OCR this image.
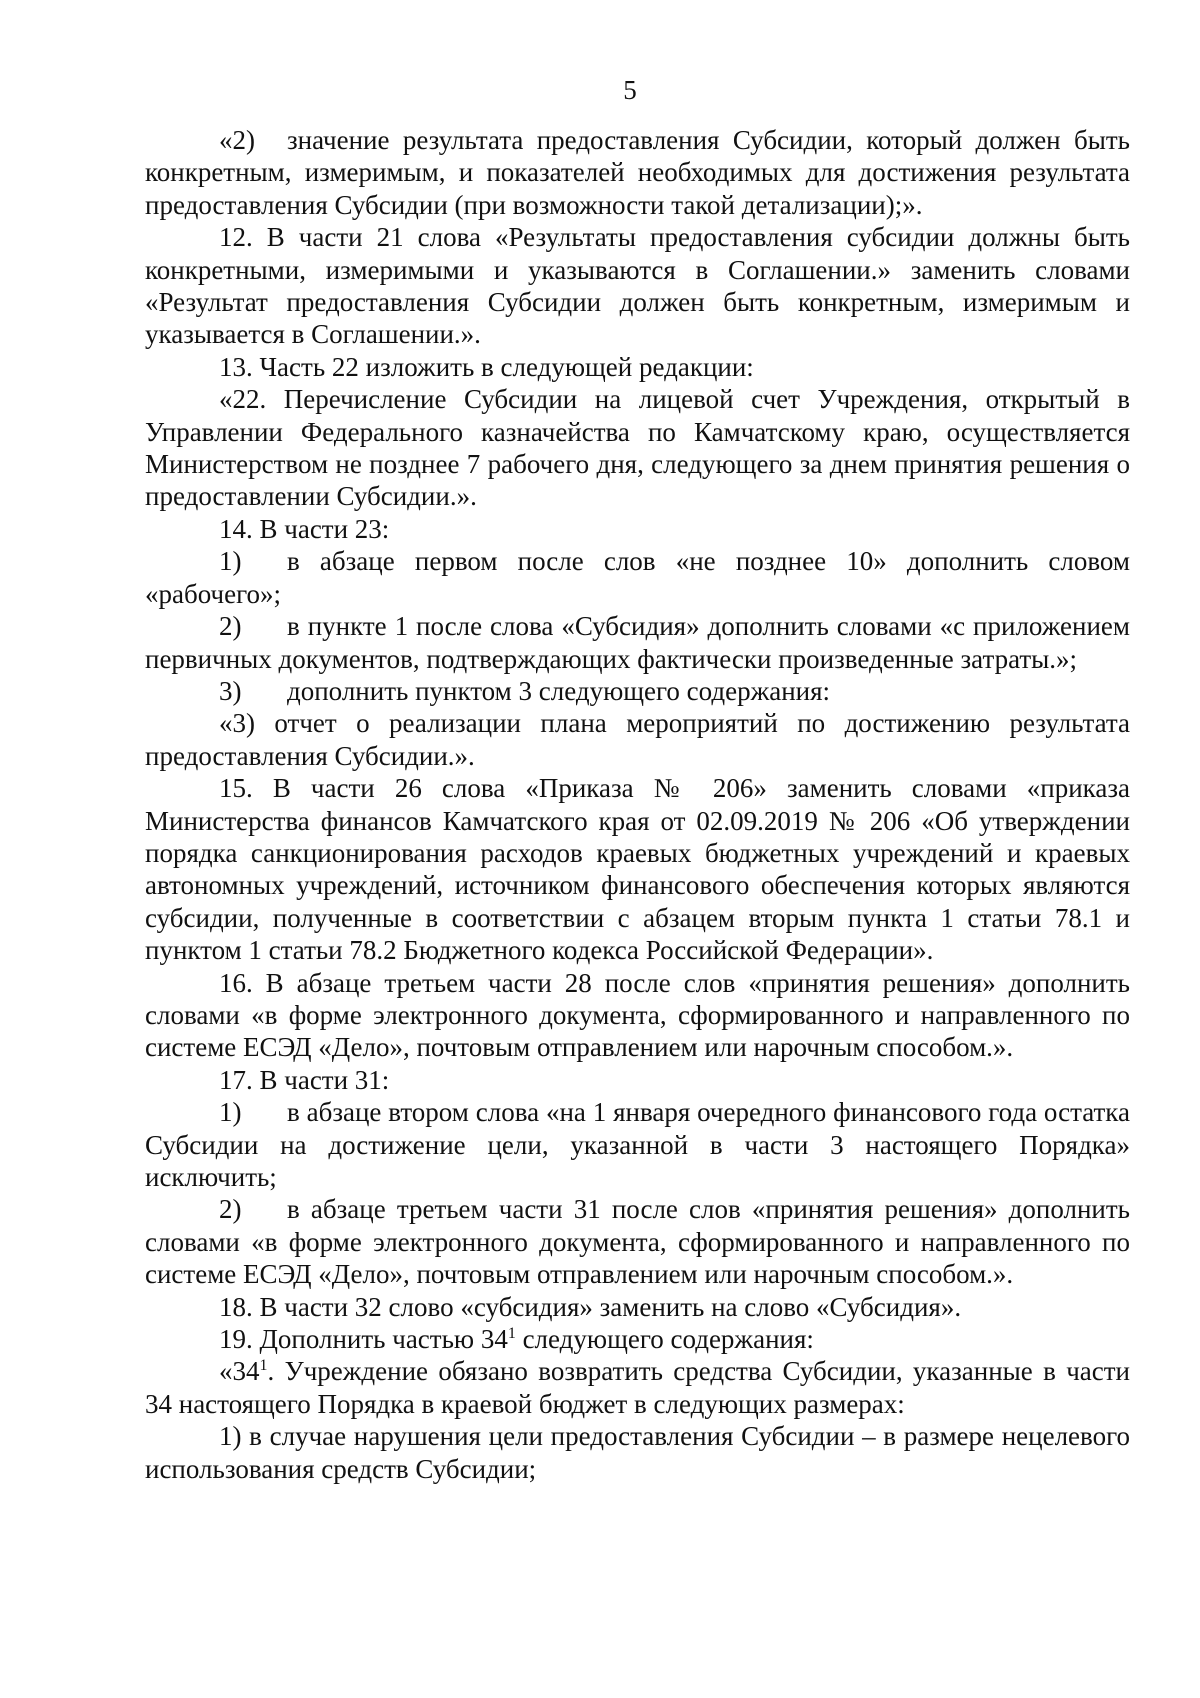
5

«2) значение результата предоставления Субсидии, который должен быть конкретным, измеримым, и показателей необходимых для достижения результата предоставления Субсидии (при возможности такой детализации);».

12. В части 21 слова «Результаты предоставления субсидии должны быть конкретными, измеримыми и указываются в Соглашении.» заменить словами «Результат предоставления Субсидии должен быть конкретным, измеримым и указывается в Соглашении.».

13. Часть 22 изложить в следующей редакции:

«22. Перечисление Субсидии на лицевой счет Учреждения, открытый в Управлении Федерального казначейства по Камчатскому краю, осуществляется Министерством не позднее 7 рабочего дня, следующего за днем принятия решения о предоставлении Субсидии.».

14. В части 23:

1) в абзаце первом после слов «не позднее 10» дополнить словом «рабочего»;

2) в пункте 1 после слова «Субсидия» дополнить словами «с приложением первичных документов, подтверждающих фактически произведенные затраты.»;

3) дополнить пунктом 3 следующего содержания:

«3) отчет о реализации плана мероприятий по достижению результата предоставления Субсидии.».

15. В части 26 слова «Приказа № 206» заменить словами «приказа Министерства финансов Камчатского края от 02.09.2019 № 206 «Об утверждении порядка санкционирования расходов краевых бюджетных учреждений и краевых автономных учреждений, источником финансового обеспечения которых являются субсидии, полученные в соответствии с абзацем вторым пункта 1 статьи 78.1 и пунктом 1 статьи 78.2 Бюджетного кодекса Российской Федерации».

16. В абзаце третьем части 28 после слов «принятия решения» дополнить словами «в форме электронного документа, сформированного и направленного по системе ЕСЭД «Дело», почтовым отправлением или нарочным способом.».

17. В части 31:

1) в абзаце втором слова «на 1 января очередного финансового года остатка Субсидии на достижение цели, указанной в части 3 настоящего Порядка» исключить;

2) в абзаце третьем части 31 после слов «принятия решения» дополнить словами «в форме электронного документа, сформированного и направленного по системе ЕСЭД «Дело», почтовым отправлением или нарочным способом.».

18. В части 32 слово «субсидия» заменить на слово «Субсидия».

19. Дополнить частью $34^1$ следующего содержания:

«$34^1$. Учреждение обязано возвратить средства Субсидии, указанные в части 34 настоящего Порядка в краевой бюджет в следующих размерах:

1) в случае нарушения цели предоставления Субсидии – в размере нецелевого использования средств Субсидии;
